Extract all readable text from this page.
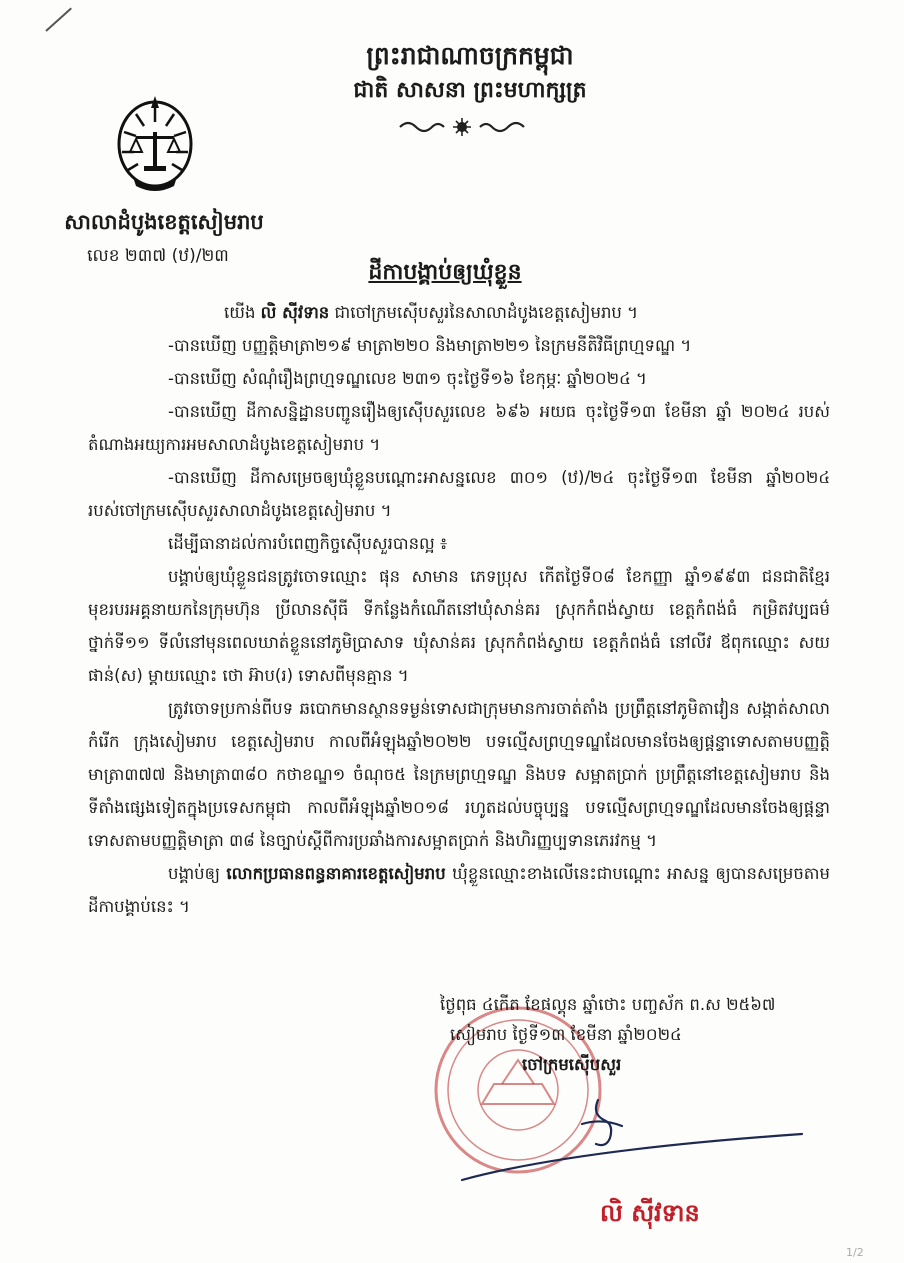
ព្រះរាជាណាចក្រកម្ពុជា
ជាតិ សាសនា ព្រះមហាក្សត្រ
សាលាដំបូងខេត្តសៀមរាប
លេខ ២៣៧ (ឋ)/២៣
ដីកាបង្គាប់ឲ្យឃុំខ្លួន

យើង លិ ស៊ីវទាន ជាចៅក្រមស៊ើបសួរនៃសាលាដំបូងខេត្តសៀមរាប ។

-បានឃើញ បញ្ញត្តិមាត្រា២១៩ មាត្រា២២០ និងមាត្រា២២១ នៃក្រមនីតិវិធីព្រហ្មទណ្ឌ ។

-បានឃើញ សំណុំរឿងព្រហ្មទណ្ឌលេខ ២៣១ ចុះថ្ងៃទី១៦ ខែកុម្ភៈ ឆ្នាំ២០២៤ ។

-បានឃើញ ដីកាសន្និដ្ឋានបញ្ជូនរឿងឲ្យស៊ើបសួរលេខ ៦៩៦ អយធ ចុះថ្ងៃទី១៣ ខែមីនា ឆ្នាំ ២០២៤ របស់តំណាងអយ្យការអមសាលាដំបូងខេត្តសៀមរាប ។

-បានឃើញ ដីកាសម្រេចឲ្យឃុំខ្លួនបណ្តោះអាសន្នលេខ ៣០១ (ឋ)/២៤ ចុះថ្ងៃទី១៣ ខែមីនា ឆ្នាំ២០២៤ របស់ចៅក្រមស៊ើបសួរសាលាដំបូងខេត្តសៀមរាប ។

ដើម្បីធានាដល់ការបំពេញកិច្ចស៊ើបសួរបានល្អ ៖

បង្គាប់ឲ្យឃុំខ្លួនជនត្រូវចោទឈ្មោះ ផុន សាមាន ភេទប្រុស កើតថ្ងៃទី០៨ ខែកញ្ញា ឆ្នាំ១៩៩៣ ជនជាតិខ្មែរ មុខរបរអគ្គនាយកនៃក្រុមហ៊ុន ប្រីលានស៊ីធី ទីកន្លែងកំណើតនៅឃុំសាន់គរ ស្រុកកំពង់ស្វាយ ខេត្តកំពង់ធំ កម្រិតវប្បធម៌ថ្នាក់ទី១១ ទីលំនៅមុនពេលឃាត់ខ្លួននៅភូមិប្រាសាទ ឃុំសាន់គរ ស្រុកកំពង់ស្វាយ ខេត្តកំពង់ធំ នៅលីវ ឪពុកឈ្មោះ សយ ផាន់(ស) ម្តាយឈ្មោះ ថោ អ៊ាប(រ) ទោសពីមុនគ្មាន ។

ត្រូវចោទប្រកាន់ពីបទ ឆបោកមានស្ថានទម្ងន់ទោសជាក្រុមមានការចាត់តាំង ប្រព្រឹត្តនៅភូមិតាវៀន សង្កាត់សាលាកំរើក ក្រុងសៀមរាប ខេត្តសៀមរាប កាលពីអំឡុងឆ្នាំ២០២២ បទល្មើសព្រហ្មទណ្ឌដែលមានចែងឲ្យផ្តន្ទាទោសតាមបញ្ញត្តិមាត្រា៣៧៧ និងមាត្រា៣៨០ កថាខណ្ឌ១ ចំណុច៥ នៃក្រមព្រហ្មទណ្ឌ និងបទ សម្អាតប្រាក់ ប្រព្រឹត្តនៅខេត្តសៀមរាប និងទីតាំងផ្សេងទៀតក្នុងប្រទេសកម្ពុជា កាលពីអំឡុងឆ្នាំ២០១៨ រហូតដល់បច្ចុប្បន្ន បទល្មើសព្រហ្មទណ្ឌដែលមានចែងឲ្យផ្តន្ទាទោសតាមបញ្ញត្តិមាត្រា ៣៨ នៃច្បាប់ស្តីពីការប្រឆាំងការសម្អាតប្រាក់ និងហិរញ្ញប្បទានភេរវកម្ម ។

បង្គាប់ឲ្យ លោកប្រធានពន្ធនាគារខេត្តសៀមរាប ឃុំខ្លួនឈ្មោះខាងលើនេះជាបណ្តោះ អាសន្ន ឲ្យបានសម្រេចតាមដីកាបង្គាប់នេះ ។

ថ្ងៃពុធ ៤កើត ខែផល្គុន ឆ្នាំថោះ បញ្ចស័ក ព.ស ២៥៦៧
សៀមរាប ថ្ងៃទី១៣ ខែមីនា ឆ្នាំ២០២៤
ចៅក្រមស៊ើបសួរ
លិ ស៊ីវទាន
1/2
